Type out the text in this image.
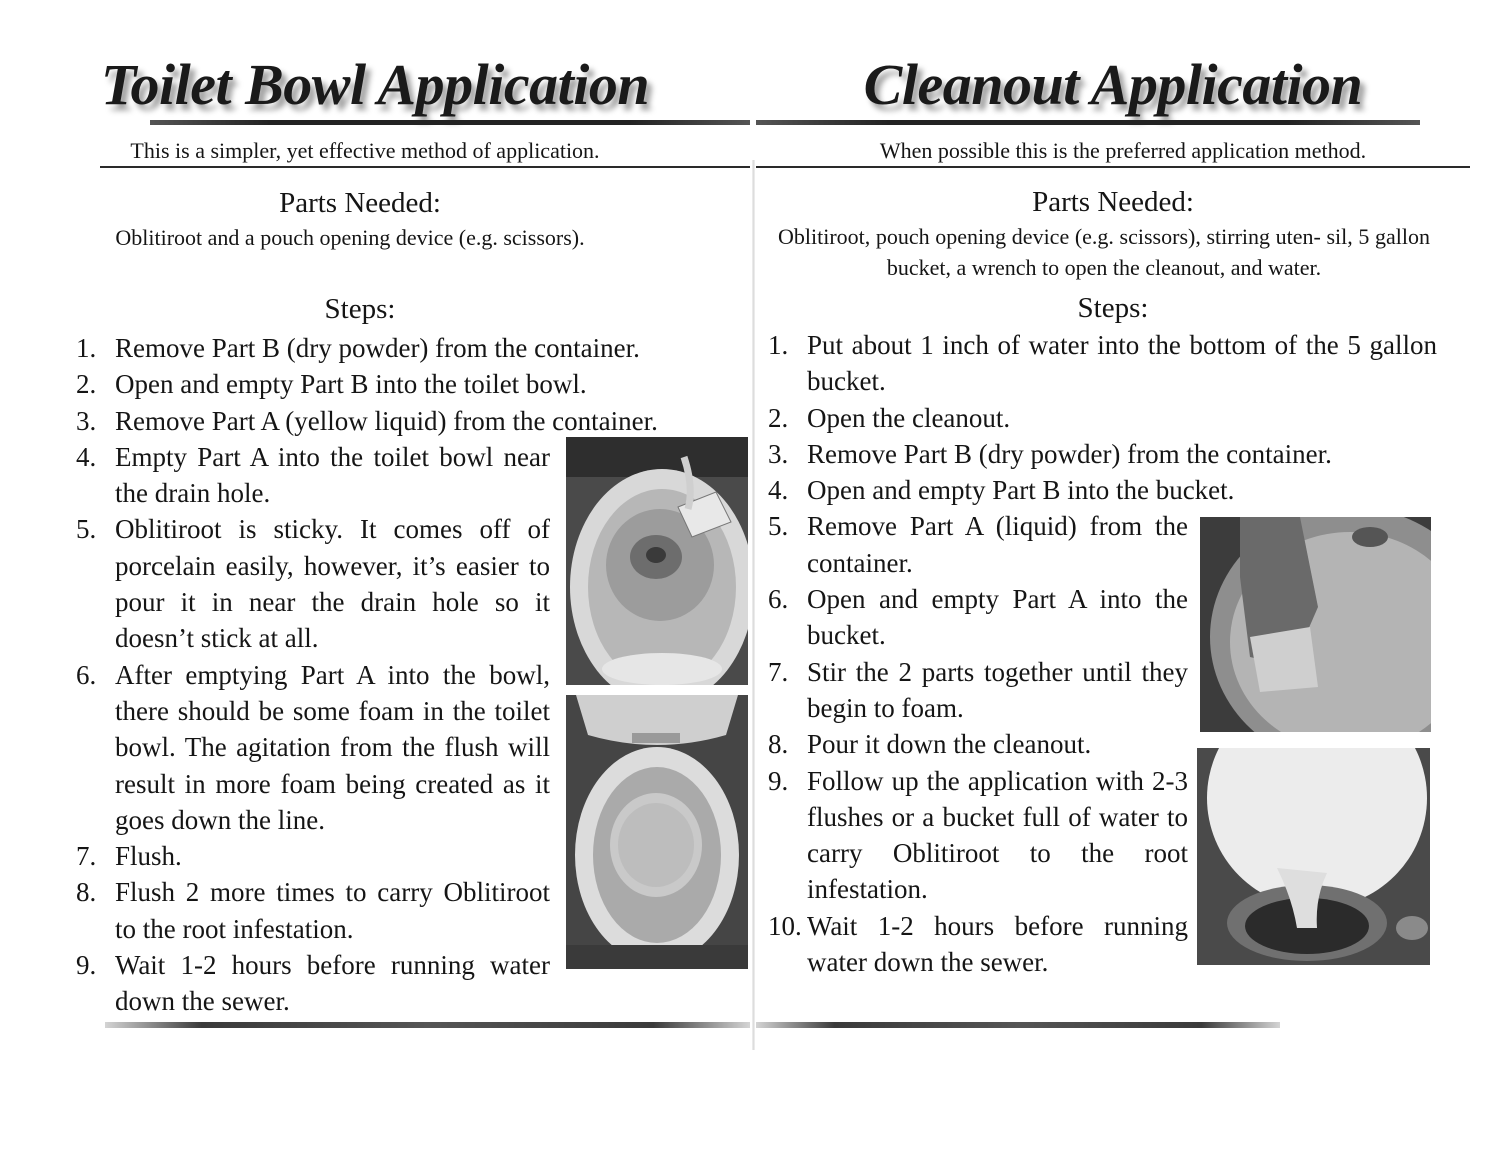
Toilet Bowl Application
This is a simpler, yet effective method of application.
Parts Needed:
Oblitiroot and a pouch opening device (e.g. scissors).
Steps:
1. Remove Part B (dry powder) from the container.
2. Open and empty Part B into the toilet bowl.
3. Remove Part A (yellow liquid) from the container.
4. Empty Part A into the toilet bowl near the drain hole.
5. Oblitiroot is sticky. It comes off of porcelain easily, however, it’s easier to pour it in near the drain hole so it doesn’t stick at all.
6. After emptying Part A into the bowl, there should be some foam in the toilet bowl. The agitation from the flush will result in more foam being created as it goes down the line.
7. Flush.
8. Flush 2 more times to carry Oblitiroot to the root infestation.
9. Wait 1-2 hours before running water down the sewer.
Cleanout Application
When possible this is the preferred application method.
Parts Needed:
Oblitiroot, pouch opening device (e.g. scissors), stirring uten- sil, 5 gallon bucket, a wrench to open the cleanout, and water.
Steps:
1. Put about 1 inch of water into the bottom of the 5 gallon bucket.
2. Open the cleanout.
3. Remove Part B (dry powder) from the container.
4. Open and empty Part B into the bucket.
5. Remove Part A (liquid) from the container.
6. Open and empty Part A into the bucket.
7. Stir the 2 parts together until they begin to foam.
8. Pour it down the cleanout.
9. Follow up the application with 2-3 flushes or a bucket full of water to carry Oblitiroot to the root infestation.
10. Wait 1-2 hours before running water down the sewer.
